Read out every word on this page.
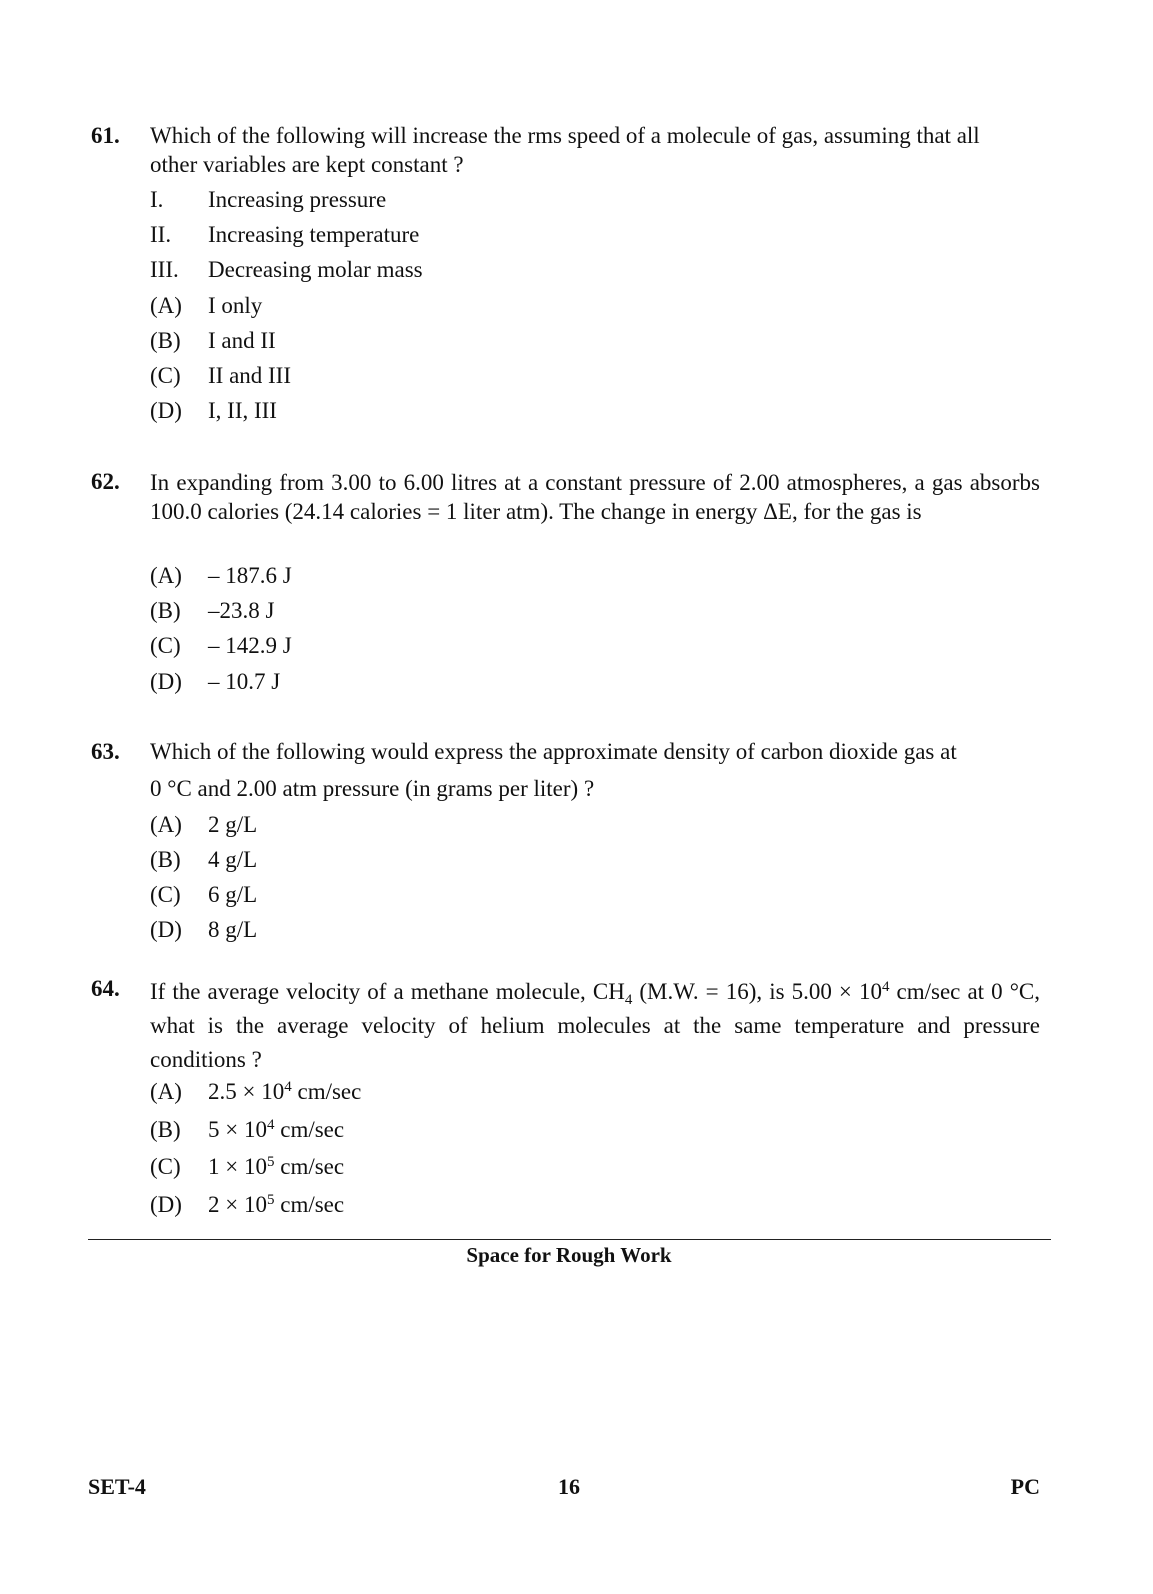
61. Which of the following will increase the rms speed of a molecule of gas, assuming that all
other variables are kept constant ?
I. Increasing pressure
II. Increasing temperature
III. Decreasing molar mass
(A) I only
(B) I and II
(C) II and III
(D) I, II, III
62. In expanding from 3.00 to 6.00 litres at a constant pressure of 2.00 atmospheres, a gas absorbs 100.0 calories (24.14 calories = 1 liter atm). The change in energy ΔE, for the gas is
(A) – 187.6 J
(B) –23.8 J
(C) – 142.9 J
(D) – 10.7 J
63. Which of the following would express the approximate density of carbon dioxide gas at
0 °C and 2.00 atm pressure (in grams per liter) ?
(A) 2 g/L
(B) 4 g/L
(C) 6 g/L
(D) 8 g/L
64. If the average velocity of a methane molecule, $CH_4$ (M.W. = 16), is $5.00 \times 10^4$ cm/sec at 0 °C, what is the average velocity of helium molecules at the same temperature and pressure conditions ?
(A) $2.5 \times 10^4$ cm/sec
(B) $5 \times 10^4$ cm/sec
(C) $1 \times 10^5$ cm/sec
(D) $2 \times 10^5$ cm/sec
Space for Rough Work
SET-4	16	PC
